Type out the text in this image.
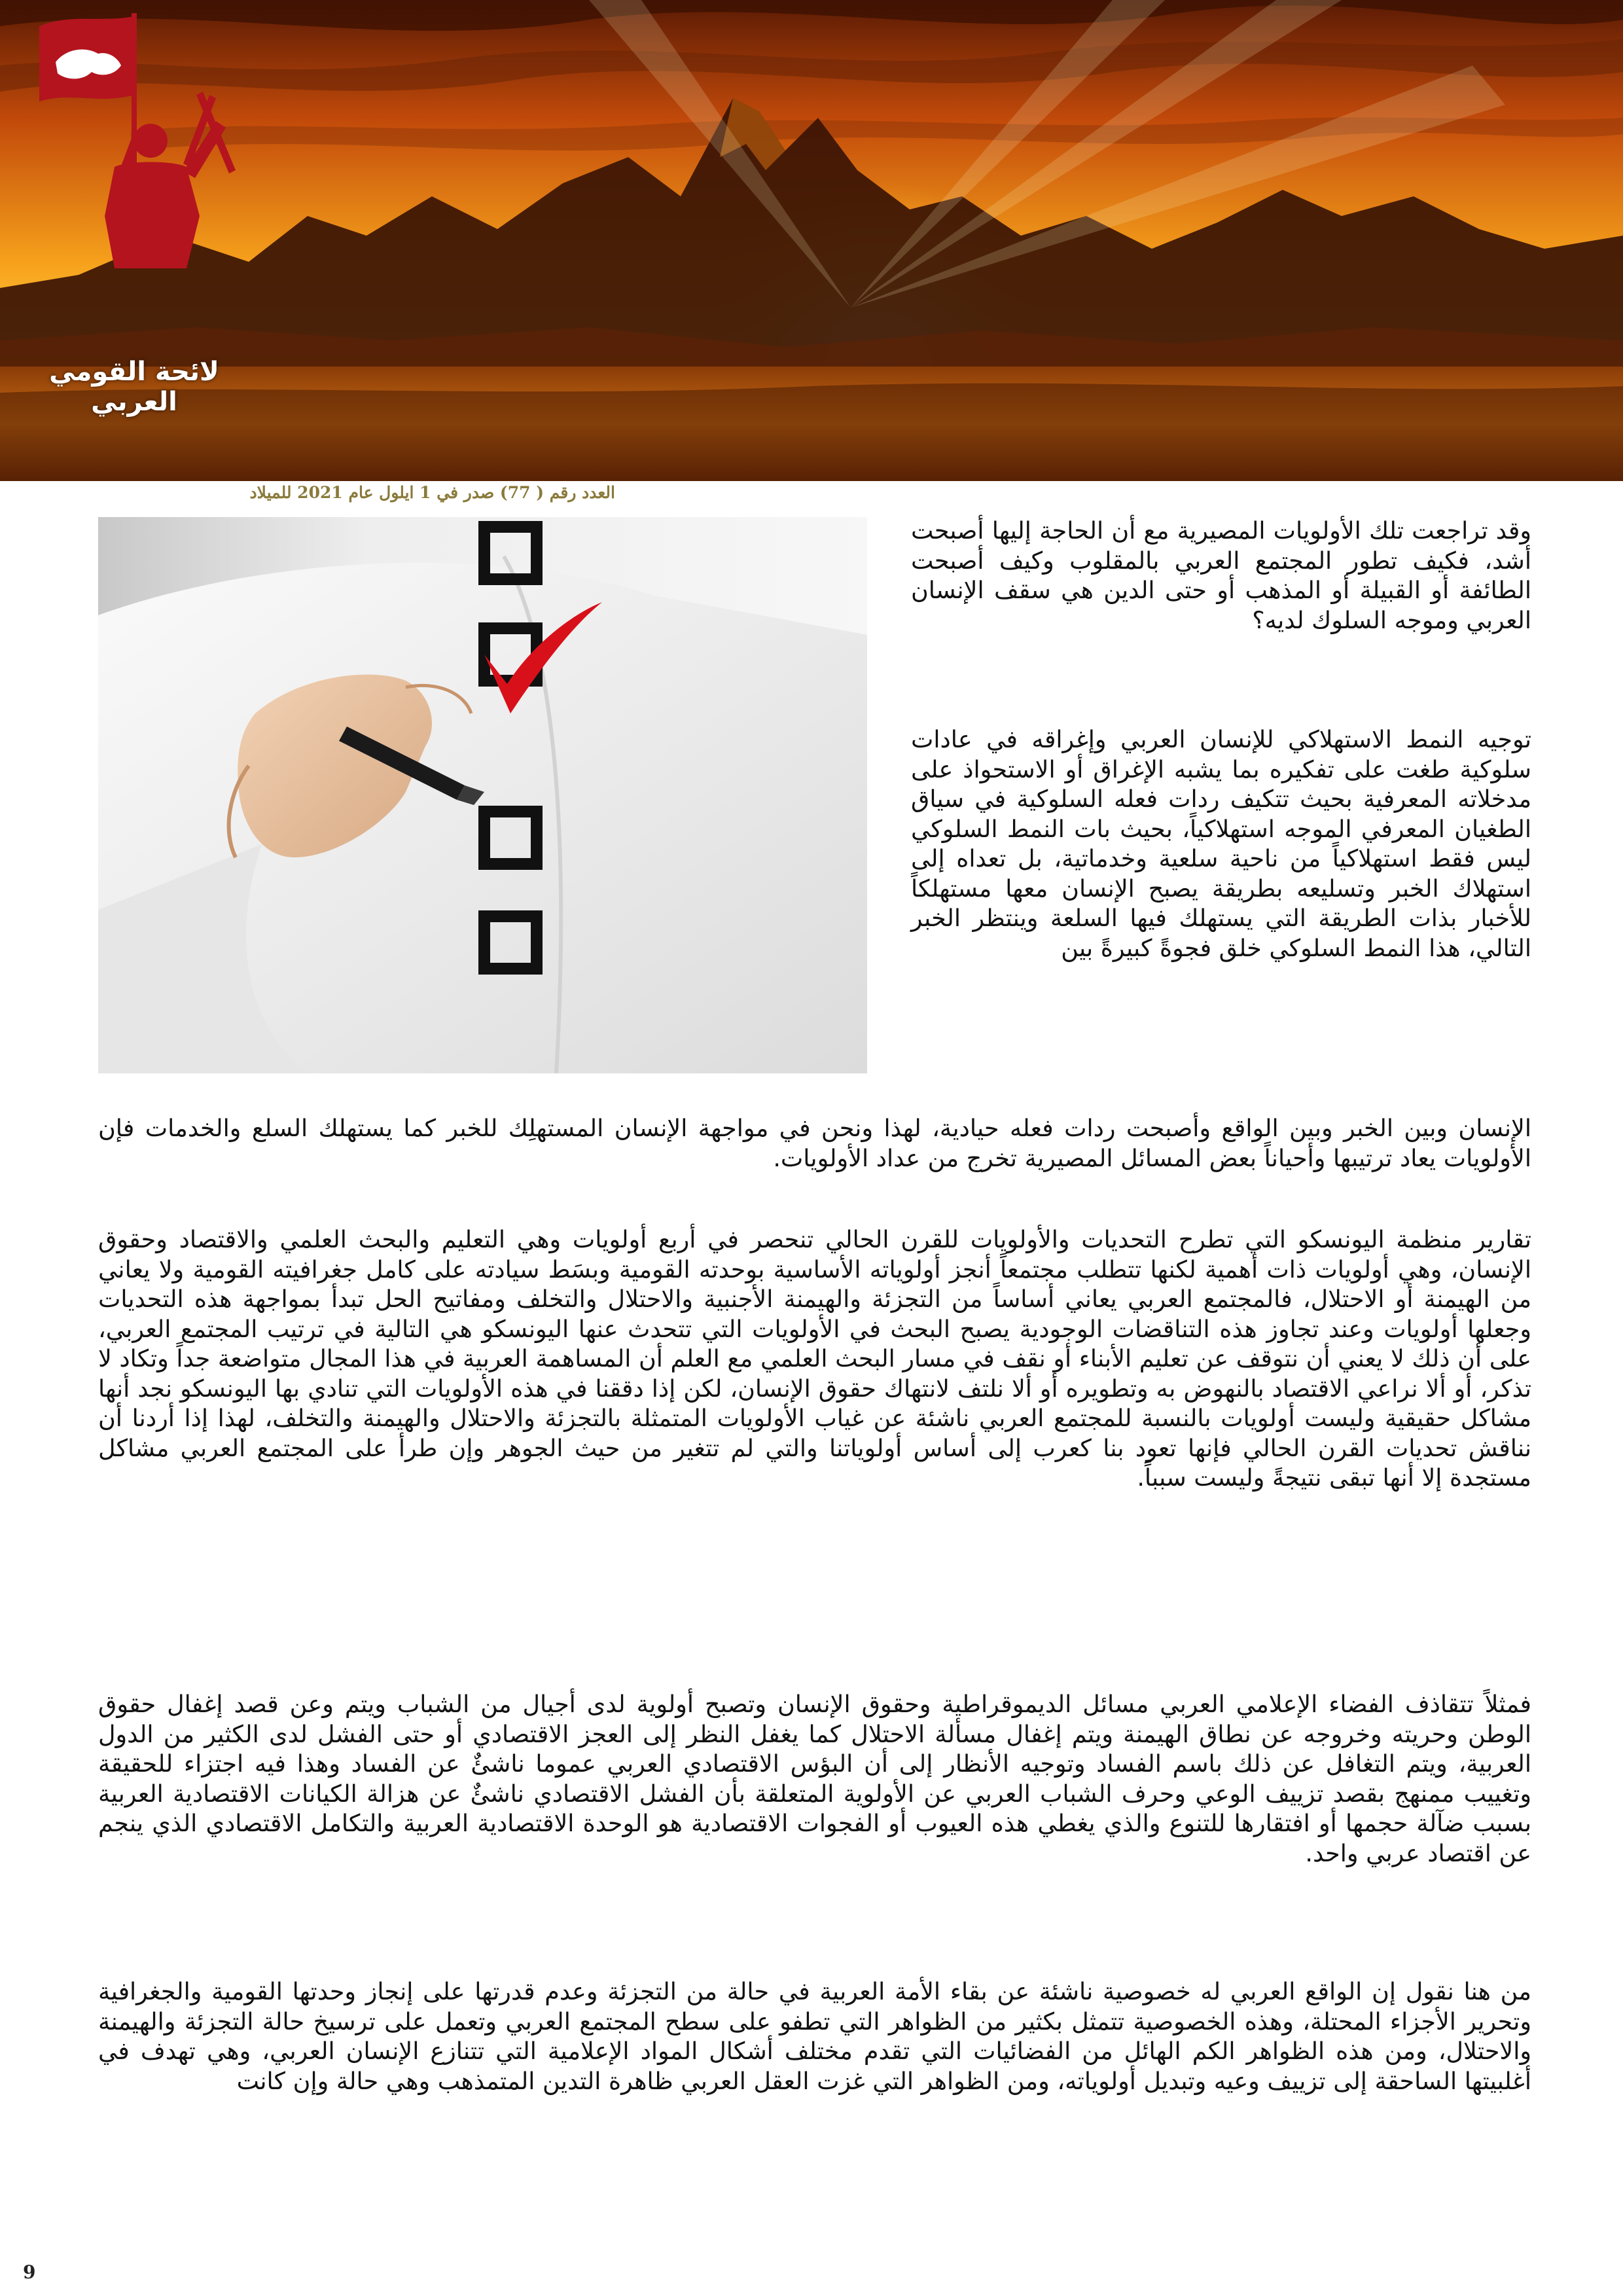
لائحة القومي العربي
العدد رقم ( 77) صدر في 1 ايلول عام 2021 للميلاد

وقد تراجعت تلك الأولويات المصيرية مع أن الحاجة إليها أصبحت أشد، فكيف تطور المجتمع العربي بالمقلوب وكيف أصبحت الطائفة أو القبيلة أو المذهب أو حتى الدين هي سقف الإنسان العربي وموجه السلوك لديه؟

توجيه النمط الاستهلاكي للإنسان العربي وإغراقه في عادات سلوكية طغت على تفكيره بما يشبه الإغراق أو الاستحواذ على مدخلاته المعرفية بحيث تتكيف ردات فعله السلوكية في سياق الطغيان المعرفي الموجه استهلاكياً، بحيث بات النمط السلوكي ليس فقط استهلاكياً من ناحية سلعية وخدماتية، بل تعداه إلى استهلاك الخبر وتسليعه بطريقة يصبح الإنسان معها مستهلكاً للأخبار بذات الطريقة التي يستهلك فيها السلعة وينتظر الخبر التالي، هذا النمط السلوكي خلق فجوةً كبيرةً بين

الإنسان وبين الخبر وبين الواقع وأصبحت ردات فعله حيادية، لهذا ونحن في مواجهة الإنسان المستهلِك للخبر كما يستهلك السلع والخدمات فإن الأولويات يعاد ترتيبها وأحياناً بعض المسائل المصيرية تخرج من عداد الأولويات.

تقارير منظمة اليونسكو التي تطرح التحديات والأولويات للقرن الحالي تنحصر في أربع أولويات وهي التعليم والبحث العلمي والاقتصاد وحقوق الإنسان، وهي أولويات ذات أهمية لكنها تتطلب مجتمعاً أنجز أولوياته الأساسية بوحدته القومية وبسَط سيادته على كامل جغرافيته القومية ولا يعاني من الهيمنة أو الاحتلال، فالمجتمع العربي يعاني أساساً من التجزئة والهيمنة الأجنبية والاحتلال والتخلف ومفاتيح الحل تبدأ بمواجهة هذه التحديات وجعلها أولويات وعند تجاوز هذه التناقضات الوجودية يصبح البحث في الأولويات التي تتحدث عنها اليونسكو هي التالية في ترتيب المجتمع العربي، على أن ذلك لا يعني أن نتوقف عن تعليم الأبناء أو نقف في مسار البحث العلمي مع العلم أن المساهمة العربية في هذا المجال متواضعة جداً وتكاد لا تذكر، أو ألا نراعي الاقتصاد بالنهوض به وتطويره أو ألا نلتف لانتهاك حقوق الإنسان، لكن إذا دققنا في هذه الأولويات التي تنادي بها اليونسكو نجد أنها مشاكل حقيقية وليست أولويات بالنسبة للمجتمع العربي ناشئة عن غياب الأولويات المتمثلة بالتجزئة والاحتلال والهيمنة والتخلف، لهذا إذا أردنا أن نناقش تحديات القرن الحالي فإنها تعود بنا كعرب إلى أساس أولوياتنا والتي لم تتغير من حيث الجوهر وإن طرأ على المجتمع العربي مشاكل مستجدة إلا أنها تبقى نتيجةً وليست سبباً.

فمثلاً تتقاذف الفضاء الإعلامي العربي مسائل الديموقراطية وحقوق الإنسان وتصبح أولوية لدى أجيال من الشباب ويتم وعن قصد إغفال حقوق الوطن وحريته وخروجه عن نطاق الهيمنة ويتم إغفال مسألة الاحتلال كما يغفل النظر إلى العجز الاقتصادي أو حتى الفشل لدى الكثير من الدول العربية، ويتم التغافل عن ذلك باسم الفساد وتوجيه الأنظار إلى أن البؤس الاقتصادي العربي عموما ناشئٌ عن الفساد وهذا فيه اجتزاء للحقيقة وتغييب ممنهج بقصد تزييف الوعي وحرف الشباب العربي عن الأولوية المتعلقة بأن الفشل الاقتصادي ناشئٌ عن هزالة الكيانات الاقتصادية العربية بسبب ضآلة حجمها أو افتقارها للتنوع والذي يغطي هذه العيوب أو الفجوات الاقتصادية هو الوحدة الاقتصادية العربية والتكامل الاقتصادي الذي ينجم عن اقتصاد عربي واحد.

من هنا نقول إن الواقع العربي له خصوصية ناشئة عن بقاء الأمة العربية في حالة من التجزئة وعدم قدرتها على إنجاز وحدتها القومية والجغرافية وتحرير الأجزاء المحتلة، وهذه الخصوصية تتمثل بكثير من الظواهر التي تطفو على سطح المجتمع العربي وتعمل على ترسيخ حالة التجزئة والهيمنة والاحتلال، ومن هذه الظواهر الكم الهائل من الفضائيات التي تقدم مختلف أشكال المواد الإعلامية التي تتنازع الإنسان العربي، وهي تهدف في أغلبيتها الساحقة إلى تزييف وعيه وتبديل أولوياته، ومن الظواهر التي غزت العقل العربي ظاهرة التدين المتمذهب وهي حالة وإن كانت

9
